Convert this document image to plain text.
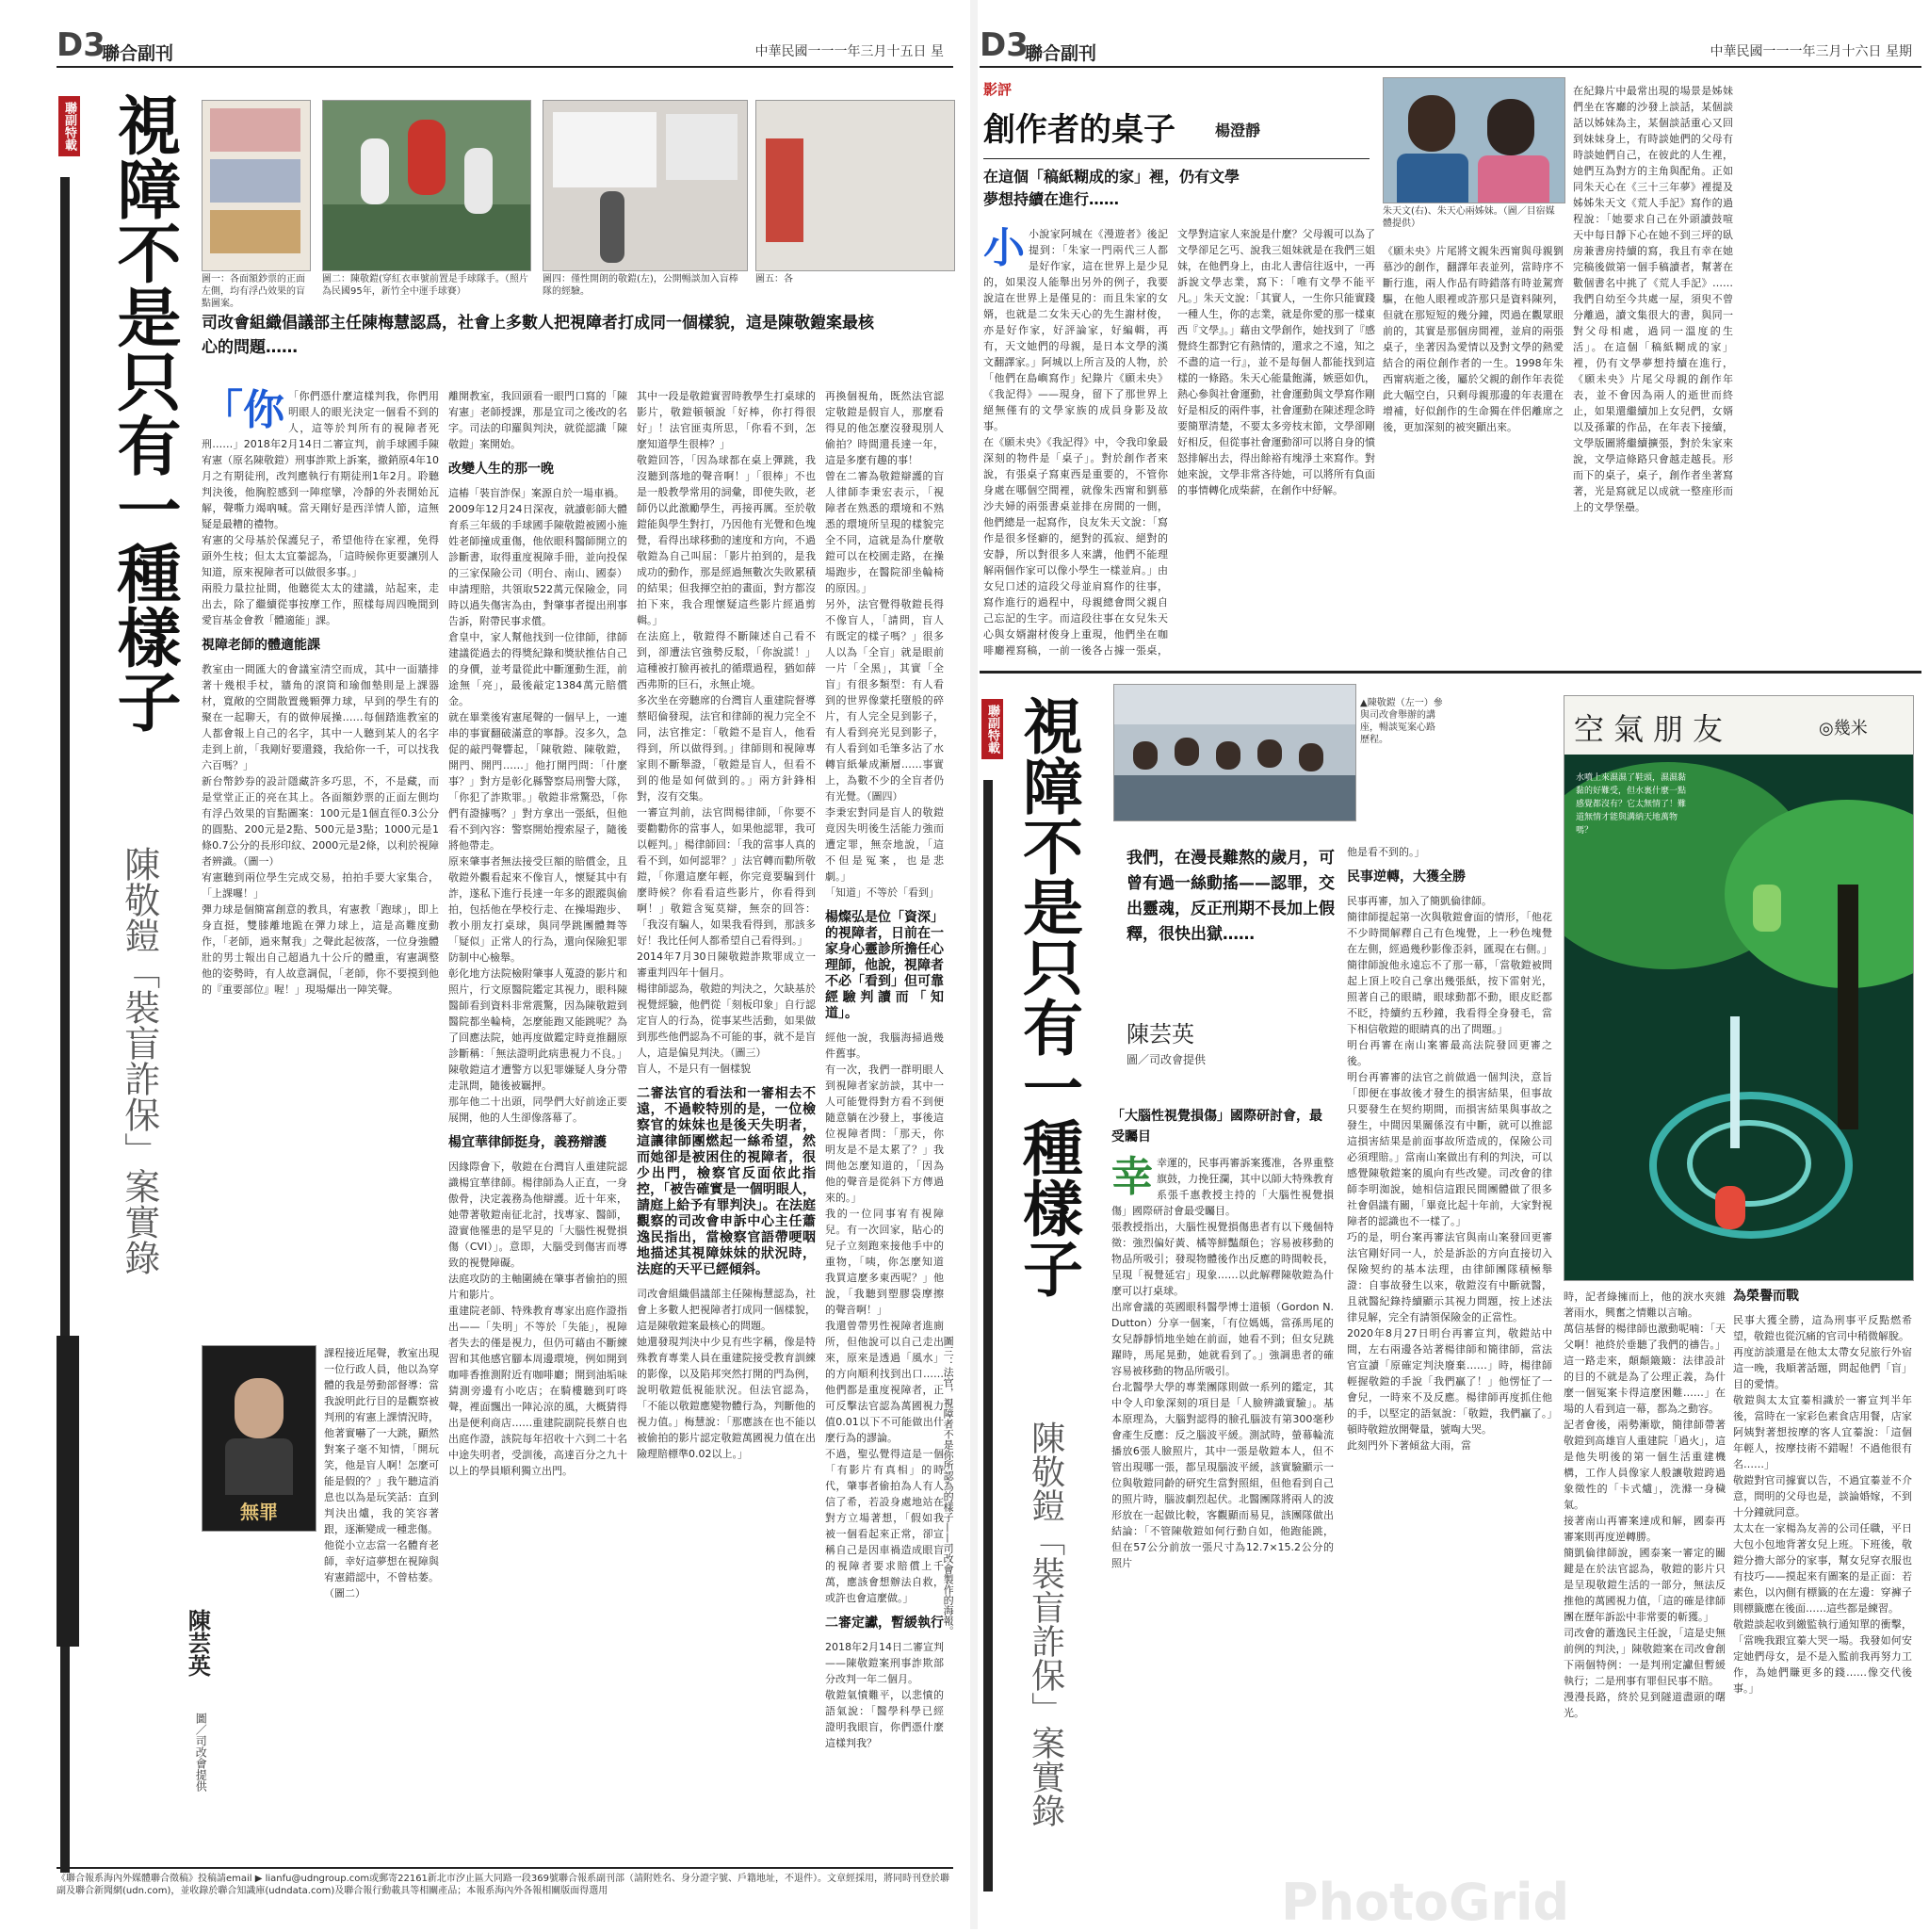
D3
聯合副刊	中華民國一一一年三月十五日 星
聯副特載 視障不是只有一種樣子
陳敬鎧「裝盲詐保」案實錄
圖一：各面額鈔票的正面左側，均有浮凸效果的盲點圖案。
圖二：陳敬鎧(穿紅衣車號前置是手球隊手。（照片為民國95年，新竹全中運手球賽）
圖四：僅性開朗的敬鎧(左)，公開暢談加入盲棒隊的經驗。
圖五：各
司改會組織倡議部主任陳梅慧認爲，社會上多數人把視障者打成同一個樣貌，這是陳敬鎧案最核心的問題……
「你 「你們憑什麼這樣判我，你們用明眼人的眼光決定一個看不到的人，這等於判所有的視障者死刑……」2018年2月14日二審宣判，前手球國手陳宥憲（原名陳敬鎧）刑事詐欺上訴案，撤銷原4年10月之有期徒刑，改判應執行有期徒刑1年2月。聆聽判決後，他胸腔感到一陣痙攣，冷靜的外表開始瓦解，聲嘶力竭吶喊。當天剛好是西洋情人節，這無疑是最糟的禮物。
宥憲的父母基於保護兒子，希望他待在家裡，免得頭外生枝；但太太宜蓁認為，「這時候你更要讓別人知道，原來視障者可以做很多事。」
兩股力量拉扯間，他聽從太太的建議，站起來，走出去，除了繼續從事按摩工作，照樣每周四晚間到愛盲基金會教「體適能」課。
視障老師的體適能課
教室由一間匯大的會議室清空而成，其中一面牆排著十幾根手杖，牆角的滾筒和瑜伽墊則是上課器材，寬敞的空間散置幾顆彈力球，早到的學生有的聚在一起聊天，有的做伸展操……每個踏進教室的人都會報上自己的名字，其中一人聽到某人的名字走到上前，「我剛好要還錢，我給你一千，可以找我六百嗎？」
新台幣鈔券的設計隱藏許多巧思，不，不是藏，而是堂堂正正的亮在其上。各面額鈔票的正面左側均有浮凸效果的盲點圖案：100元是1個直徑0.3公分的圓點、200元是2點、500元是3點；1000元是1條0.7公分的長形印紋、2000元是2條，以利於視障者辨識。（圖一）
宥憲聽到兩位學生完成交易，拍拍手要大家集合，「上課囉！」
彈力球是個簡富創意的教具，宥憲教「跑球」，即上身直挺，雙膝離地跪在彈力球上，這是高難度動作，「老師，過來幫我」之聲此起彼落，一位身強體壯的男士報出自己超過九十公斤的體重，宥憲調整他的姿勢時，有人故意調侃，「老師，你不要摸到他的『重要部位』喔！」現場爆出一陣笑聲。
無罪
陳芸英
圖／司改會提供
課程接近尾聲，教室出現一位行政人員，他以為穿體的我是勞動部督導：當我說明此行目的是觀察被判刑的宥憲上課情況時，他著實嚇了一大跳，顯然對案子毫不知情，「開玩笑，他是盲人啊！怎麼可能是假的？」我午聽這消息也以為是玩笑話：直到判決出爐，我的笑容著跟，逐漸變成一種悲傷。
他從小立志當一名體育老師，幸好這夢想在視障與宥憲錯認中，不曾枯萎。（圖二）	圖三：法官，視障者不是你所認為的樣子——司改會製作的海報。
離開教室，我回頭看一眼門口寫的「陳宥憲」老師授課，那是宜司之後改的名字。司法的印羅與判決，就從認識「陳敬鎧」案開始。
改變人生的那一晚
這樁「裝盲詐保」案源自於一場車禍。
2009年12月24日深夜，就讀彰師大體育系三年級的手球國手陳敬鎧被國小施姓老師撞成重傷，他依眼科醫師開立的診斷書，取得重度視障手冊，並向投保的三家保險公司（明台、南山、國泰）申請理賠，共領取522萬元保險金，同時以過失傷害為由，對肇事者提出刑事告訴，附帶民事求償。
倉皇中，家人幫他找到一位律師，律師建議從過去的得獎紀錄和獎狀推估自己的身價，並考量從此中斷運動生涯，前途無「亮」，最後敲定1384萬元賠償金。
就在畢業後宥憲尾聲的一個早上，一連串的事實翻破滿意的寧靜。沒多久，急促的敲門聲響起，「陳敬鎧、陳敬鎧，開門、開門……」他打開門問：「什麼事？」對方是彰化縣警察局刑警大隊，「你犯了詐欺罪。」敬鎧非常驚恐，「你們有證據嗎？」對方拿出一張紙，但他看不到內容：警察開始搜索屋子，隨後將他帶走。
原來肇事者無法接受巨額的賠償金，且敬鎧外觀看起來不像盲人，懷疑其中有詐，遂私下進行長達一年多的跟蹤與偷拍，包括他在學校行走、在操場跑步、教小朋友打桌球，與同學跳團體舞等「疑似」正常人的行為，還向保險犯罪防制中心檢舉。
彰化地方法院檢附肇事人蒐證的影片和照片，行文原醫院鑑定其視力，眼科陳醫師看到資料非常震驚，因為陳敬鎧到醫院都坐輪椅，怎麼能跑又能跳呢？為了回應法院，她再度做鑑定時竟推翻原診斷稱：「無法證明此病患視力不良。」陳敬鎧這才遭警方以犯罪嫌疑人身分帶走訊問，隨後被羈押。
那年他二十出頭，同學們大好前途正要展開，他的人生卻像落幕了。
楊宜華律師挺身，義務辯護
因緣際會下，敬鎧在台灣盲人重建院認識楊宜華律師。楊律師為人正直，一身傲骨，決定義務為他辯護。近十年來，她帶著敬鎧南征北討，找專家、醫師，證實他罹患的是罕見的「大腦性視覺損傷（CVI）」。意即，大腦受到傷害而導致的視覺障礙。
法庭攻防的主軸圍繞在肇事者偷拍的照片和影片。
重建院老師、特殊教育專家出庭作證指出——「失明」不等於「失能」，視障者失去的僅是視力，但仍可藉由不斷練習和其他感官腳本周邊環境，例如開到咖啡香推測附近有咖啡廳；開到油垢味猜測旁邊有小吃店；在騎樓聽到叮咚聲，裡面飄出一陣沁涼的風，大概猜得出是便利商店……重建院副院長蔡自也出庭作證，該院每年招收十六到二十名中途失明者，受訓後，高達百分之九十以上的學員順利獨立出門。
其中一段是敬鎧實習時教學生打桌球的影片，敬鎧頓頓說「好棒，你打得很好」！法官匪夷所思，「你看不到，怎麼知道學生很棒？」
敬鎧回答，「因為球都在桌上彈跳，我沒聽到落地的聲音啊！」「很棒」不也是一般教學常用的詞彙，即使失敗，老師仍以此激勵學生，再接再厲。至於敬鎧能與學生對打，乃因他有光覺和色塊覺，看得出球移動的速度和方向，不過敬鎧為自己叫屈：「影片拍到的，是我成功的動作，那是經過無數次失敗累積的結果；但我揮空拍的畫面，對方都沒拍下來，我合理懷疑這些影片經過剪輯。」
在法庭上，敬鎧得不斷陳述自己看不到，卻遭法官強勢反駁，「你說謊！」這種被打臉再被扎的循環過程，猶如薛西弗斯的巨石，永無止境。
多次坐在旁聽席的台灣盲人重建院督導蔡昭倫發現，法官和律師的視力完全不同，法官推定：「敬鎧不是盲人，他看得到，所以做得到。」律師則和視障專家則不斷舉證，「敬鎧是盲人，但看不到的他是如何做到的。」兩方針鋒相對，沒有交集。
一審宣判前，法官問楊律師，「你要不要勸勸你的當事人，如果他認罪，我可以輕判。」楊律師回：「我的當事人真的看不到，如何認罪？」法官轉而勸所敬鎧，「你還這麼年輕，你完竟要騙到什麼時候？你看看這些影片，你看得到啊！」敬鎧含冤莫辯，無奈的回答：「我沒有騙人，如果我看得到，那該多好！我比任何人都希望自己看得到。」
2014年7月30日陳敬鎧詐欺罪成立一審重判四年十個月。
楊律師認為，敬鎧的判決之，欠缺基於視覺經驗，他們從「刻板印象」自行認定盲人的行為，從事某些活動，如果做到那些他們認為不可能的事，就不是盲人，這是偏見判決。（圖三）
盲人，不是只有一個樣貌
二審法官的看法和一審相去不遠，不過較特別的是，一位檢察官的妹妹也是後天失明者，這讓律師團燃起一絲希望，然而她卻是被困住的視障者，很少出門，檢察官反面依此指控，「被告確實是一個明眼人，請庭上給予有罪判決」。在法庭觀察的司改會申訴中心主任蕭逸民指出，當檢察官語帶哽咽地描述其視障妹妹的狀況時，法庭的天平已經傾斜。
司改會組織倡議部主任陳梅慧認為，社會上多數人把視障者打成同一個樣貌，這是陳敬鎧案最核心的問題。
她還發現判決中少見有些字稱，像是特殊教育專業人員在重建院接受教育訓練的影像，以及陷邦突然打開的門為例，說明敬鎧低視能狀況。但法官認為，「不能以敬鎧應變物體行為，判斷他的視力值。」梅慧說：「那應該在也不能以被偷拍的影片認定敬鎧萬國視力值在出險理賠標準0.02以上。」
再換個視角，既然法官認定敬鎧是假盲人，那麼看得見的他怎麼沒發現別人偷拍？時間還長達一年，這是多麼有趣的事！
曾在二審為敬鎧辯護的盲人律師李秉宏表示，「視障者在熟悉的環境和不熟悉的環境所呈現的樣貌完全不同，這就是為什麼敬鎧可以在校園走路，在操場跑步，在醫院卻坐輪椅的原因。」
另外，法官覺得敬鎧長得不像盲人，「請問，盲人有既定的樣子嗎？」很多人以為「全盲」就是眼前一片「全黑」，其實「全盲」有很多類型：有人看到的世界像蒙托墮般的碎片，有人完全見到影子，有人看到亮光見到影子，有人看到如毛筆多沾了水轉盲紙暈成漸層……事實上，為數不少的全盲者仍有光覺。（圖四）
李秉宏對同是盲人的敬鎧竟因失明後生活能力強而遭定罪，無奈地說，「這不但是冤案，也是悲劇。」
「知道」不等於「看到」
楊燦弘是位「資深」的視障者，日前在一家身心靈診所擔任心理師，他說，視障者不必「看到」但可靠經驗判讀而「知道」。
經他一說，我腦海掃過幾件舊事。
有一次，我們一群明眼人到視障者家訪談，其中一人可能覺得對方看不到便隨意躺在沙發上，事後這位視障者問：「那天，你明友是不是太累了？」我問他怎麼知道的，「因為他的聲音是從斜下方傳過來的。」
我的一位同事宥有視障兒。有一次回家，貼心的兒子立刻跑來接他手中的重物，「咦，你怎麼知道我買這麼多東西呢？」他說，「我聽到塑膠袋摩擦的聲音啊！」
我還曾帶男性視障者進廁所，但他說可以自己走出來，原來是透過「風水」的方向順利找到出口……他們都是重度視障者，正可反擊法官認為萬國視力值0.01以下不可能做出什麼行為的謬論。
不過，聖弘覺得這是一個「有影片有真相」的時代，肇事者偷拍為人有人信了希，若設身處地站在對方立場著想，「假如我被一個看起來正常，卻宣稱自己是因車禍造成眼盲的視障者要求賠償上千萬，應該會想辦法自救，或許也會這麼做。」
二審定讞，暫緩執行
2018年2月14日二審宣判——陳敬鎧案刑事詐欺部分改判一年二個月。
敬鎧氣憤難平，以悲憤的語氣說：「醫學科學已經證明我眼盲，你們憑什麼這樣判我？
《聯合報系海內外媒體聯合徵稿》投稿請email ▶ lianfu@udngroup.com或郵寄22161新北市汐止區大同路一段369號聯合報系副刊部（請附姓名、身分證字號、戶籍地址，不退件）。文章經採用，將同時刊登於聯副及聯合新聞網(udn.com)，並收錄於聯合知識庫(udndata.com)及聯合報行動載具等相關產品；本報系海內外各報相關版面得選用
D3
聯合副刊	中華民國一一一年三月十六日 星期
影評
創作者的桌子	楊澄靜
在這個「稿紙糊成的家」裡，仍有文學夢想持續在進行……
小 小說家阿城在《漫遊者》後記提到：「朱家一門兩代三人都是好作家，這在世界上是少見的，如果沒人能舉出另外的例子，我要說這在世界上是僅見的：而且朱家的女婿，也就是二女朱天心的先生謝材俊，亦是好作家，好評論家，好編輯，再有，天文她們的母親，是日本文學的漢文翻譯家。」阿城以上所言及的人物，於「他們在島嶼寫作」紀錄片《願未央》《我記得》——現身，留下了那世界上絕無僅有的文學家族的成員身影及故事。
在《願未央》《我記得》中，令我印象最深刻的物件是「桌子」。對於創作者來說，有張桌子寫東西是重要的，不管你身處在哪個空間裡，就像朱西甯和劉慕沙夫婦的兩張書桌並排在房間的一側，他們總是一起寫作，良友朱天文說：「寫作是很多怪癖的，絕對的孤寂、絕對的安靜，所以對很多人來講，他們不能理解兩個作家可以像小學生一樣並肩。」由女兒口述的這段父母並肩寫作的往事，寫作進行的過程中，母親總會問父親自己忘記的生字。而這段往事在女兒朱天心與女婿謝材俊身上重現，他們坐在咖啡廳裡寫稿，一前一後各占據一張桌，
文學對這家人來說是什麼？父母親可以為了文學卻足乞丐、說我三姐妹就是在我們三姐妹，在他們身上，由北人書信往返中，一再訴說文學志業，寫下：「唯有文學不能平凡。」朱天文說：「其實人，一生你只能實踐一種人生，你的志業，就是你愛的那一樣東西『文學』。」藉由文學創作，她找到了『感覺終生都對它有熱情的，還求之不遠，知之不盡的這一行』，並不是每個人都能找到這樣的一條路。朱天心能量飽滿，嫉惡如仇，熱心參與社會運動，社會運動與文學寫作剛好是相反的兩件事，社會運動在陳述理念時要簡單清楚，不要太多旁枝末節，文學卻剛好相反，但從事社會運動卻可以將自身的憤怒排解出去，得出餘裕有塊淨土來寫作。對她來說，文學非常吝待她，可以將所有負面的事情轉化成柴薪，在創作中紓解。
朱天文(右)、朱天心兩姊妹。（圖／目宿媒體提供）
《願未央》片尾將文親朱西甯與母親劉慕沙的創作，翻譯年表並列，當時序不斷行進，兩人作品有時錯落有時並駕齊驅，在他人眼裡或許那只是資料陳列，但就在那短短的幾分鐘，閃過在觀眾眼前的，其實是那個房間裡，並肩的兩張桌子，坐著因為愛情以及對文學的熱愛結合的兩位創作者的一生。1998年朱西甯病逝之後，屬於父親的創作年表從此大幅空白，只剩母親那邊的年表還在增補，好似創作的生命獨在伴侶離席之後，更加深刻的被突顯出來。
在紀錄片中最常出現的場景是姊妹們坐在客廳的沙發上談話，某個談話以姊妹為主，某個談話重心又回到妹妹身上，有時談她們的父母有時談她們自己，在彼此的人生裡，她們互為對方的主角與配角。正如同朱天心在《三十三年夢》裡提及姊姊朱天文《荒人手記》寫作的過程說：「她要求自己在外頭讀鼓喧天中每日靜下心在她不到三坪的臥房兼書房持續的寫，我且有幸在她完稿後做第一個手稿讀者，幫著在數個書名中挑了《荒人手記》……我們自幼至今共處一屋，須臾不曾分離過，讀文集很大的書，與同一對父母相處，過同一溫度的生活」。在這個「稿紙糊成的家」裡，仍有文學夢想持續在進行，《願未央》片尾父母親的創作年表，並不會因為兩人的逝世而終止，如果還繼續加上女兒們，女婿以及孫輩的作品，在年表下接續，文學版圖將繼續擴張，對於朱家來說，文學這條路只會越走越長。形而下的桌子，桌子，創作者坐著寫著，光是寫就足以成就一整座形而上的文學堡壘。
聯副特載 視障不是只有一種樣子
陳敬鎧「裝盲詐保」案實錄
▲陳敬鎧（左一）參與司改會舉辦的講座，暢談冤案心路歷程。
我們，在漫長難熬的歲月，可曾有過一絲動搖——認罪，交出靈魂，反正刑期不長加上假釋，很快出獄……
陳芸英
圖／司改會提供
他是看不到的。」
民事逆轉，大獲全勝
民事再審，加入了簡凱倫律師。
簡律師提起第一次與敬鎧會面的情形，「他花不少時間解釋自己有色塊覺，上一秒色塊覺在左側，經過幾秒影像歪斜，匯現在右側。」簡律師說他永遠忘不了那一幕，「當敬鎧被問起上頂上咬自己拿出幾張紙，按下雷射光，照著自己的眼睛，眼球動都不動，眼皮眨都不眨，持續約五秒鐘，我看得全身發毛，當下相信敬鎧的眼睛真的出了問題。」
明台再審在南山案審最高法院發回更審之後。
明台再審審的法官之前做過一個判決，意旨「即便在事故後才發生的損害結果，但事故只要發生在契約期間，而損害結果與事故之發生，中間因果關係沒有中斷，就可以推認這損害結果是前面事故所造成的，保險公司必須理賠。」當南山案做出有利的判決，可以感覺陳敬鎧案的風向有些改變。司改會的律師李明洳說，她相信這跟民間團體做了很多社會倡議有關，「畢竟比起十年前，大家對視障者的認識也不一樣了。」
巧的是，明台案再審法官與南山案發回更審法官剛好同一人，於是訴訟的方向直接切入保險契約的基本法理，由律師團隊積極舉證：自事故發生以來，敬鎧沒有中斷就醫，且就醫紀錄持續顯示其視力問題，按上述法律見解，完全有請領保險金的正當性。
2020年8月27日明台再審宣判，敬鎧站中間，左右兩邊各站著楊律師和簡律師，當法官宣讀「原確定判決廢棄……」時，楊律師輕握敬鎧的手說「我們贏了！」他愣怔了一會兒，一時來不及反應。楊律師再度抓住他的手，以堅定的語氣說：「敬鎧，我們贏了。」頓時敬鎧放開聲量，號啕大哭。
此刻門外下著傾盆大雨，當
「大腦性視覺損傷」國際研討會，最受矚目
幸 幸運的，民事再審訴案獲准，各界重整旗鼓，力挽狂瀾，其中以師大特殊教育系張千惠教授主持的「大腦性視覺損傷」國際研討會最受矚目。
張教授指出，大腦性視覺損傷患者有以下幾個特徵：強烈偏好黃、橘等鮮豔顏色；容易被移動的物品所吸引；發現物體後作出反應的時間較長，呈現「視覺延宕」現象……以此解釋陳敬鎧為什麼可以打桌球。
出席會議的英國眼科醫學博士道頓（Gordon N. Dutton）分享一個案，「有位媽媽，當孫馬尾的女兒靜靜悄地坐她在前面，她看不到；但女兒跳躍時，馬尾晃動，她就看到了。」強調患者的確容易被移動的物品所吸引。
台北醫學大學的專業團隊則做一系列的鑑定，其中令人印象深刻的項目是「人臉辨識實驗」。基本原理為，大腦對認得的臉孔腦波有第300毫秒會產生反應：反之腦波平緩。測試時，螢幕輪流播放6張人臉照片，其中一張是敬鎧本人，但不管出現哪一張，都呈現腦波平緩，該實驗顯示一位與敬鎧同齡的研究生當對照組，但他看到自己的照片時，腦波劇烈起伏。北醫團隊將兩人的波形放在一起做比較，客觀顯而易見，該團隊做出結論：「不管陳敬鎧如何行動自如，他跑能跳，但在57公分前放一張尺寸為12.7×15.2公分的照片
空氣朋友	◎幾米
水噴上來濕濕了鞋頭，濕濕黏黏的好難受，但水裏什麼一點感覺都沒有？它太無情了！難道無情才能與溝納天地萬物嗎？
時，記者綠擁而上，他的淚水夾雜著雨水，興奮之情難以言喻。
萬信基督的楊律師也激動呢喃：「天父啊！祂終於垂聽了我們的禱告。」這一路走來，顛顛簸簸：法律設計的目的不就是為了公理正義，為什麼一個冤案卡得這麼困難……」在場的人看到這一幕，都為之動容。
記者會後，兩勢漸歇，簡律師帶著敬鎧到高雄盲人重建院「過火」，這是他失明後的第一個生活重建機構，工作人員像家人般讓敬鎧跨過象徵性的「卡式爐」，洗滌一身穢氣。
接著南山再審案達成和解，國泰再審案則再度逆轉勝。
簡凱倫律師說，國泰案一審定的關鍵是在於法官認為，敬鎧的影片只是呈現敬鎧生活的一部分，無法反推他的萬國視力值，「這的確是律師團在歷年訴訟中非常要的斬獲。」
司改會的蕭逸民主任說，「這是史無前例的判決，」陳敬鎧案在司改會創下兩個特例：一是判刑定讞但暫緩執行；二是刑事有罪但民事不賠。
漫漫長路，終於見到隧道盡頭的曙光。
為榮譽而戰
民事大獲全勝，這為刑事平反點燃希望，敬鎧也從沉痛的官司中稍微解脫。
再度訪談還是在他太太帶女兒旅行外宿這一晚，我順著話題，問起他們「盲」目的愛情。
敬鎧與太太宜蓁相識於一審宣判半年後，當時在一家彩色素食店用餐，店家阿姨對著想按摩的客人宜蓁說：「這個年輕人，按摩技術不錯喔！不過他很有名……」
敬鎧對官司據實以告，不過宜蓁並不介意，問明的父母也是，談論婚嫁，不到十分鐘就同意。
太太在一家楊為友善的公司任職，平日大包小包地背著女兒上班。下班後，敬鎧分擔大部分的家事，幫女兒穿衣服也有技巧——摸起來有圖案的是正面：若素色，以內側有標籤的在左邊：穿褲子則標籤應在後面……這些都是練習。
敬鎧談起收到繳監執行通知單的衝擊，「當晚我跟宜蓁大哭一場。我發如何安定她們母女，是不是入監前我再努力工作，為她們賺更多的錢……像交代後事。」
PhotoGrid
